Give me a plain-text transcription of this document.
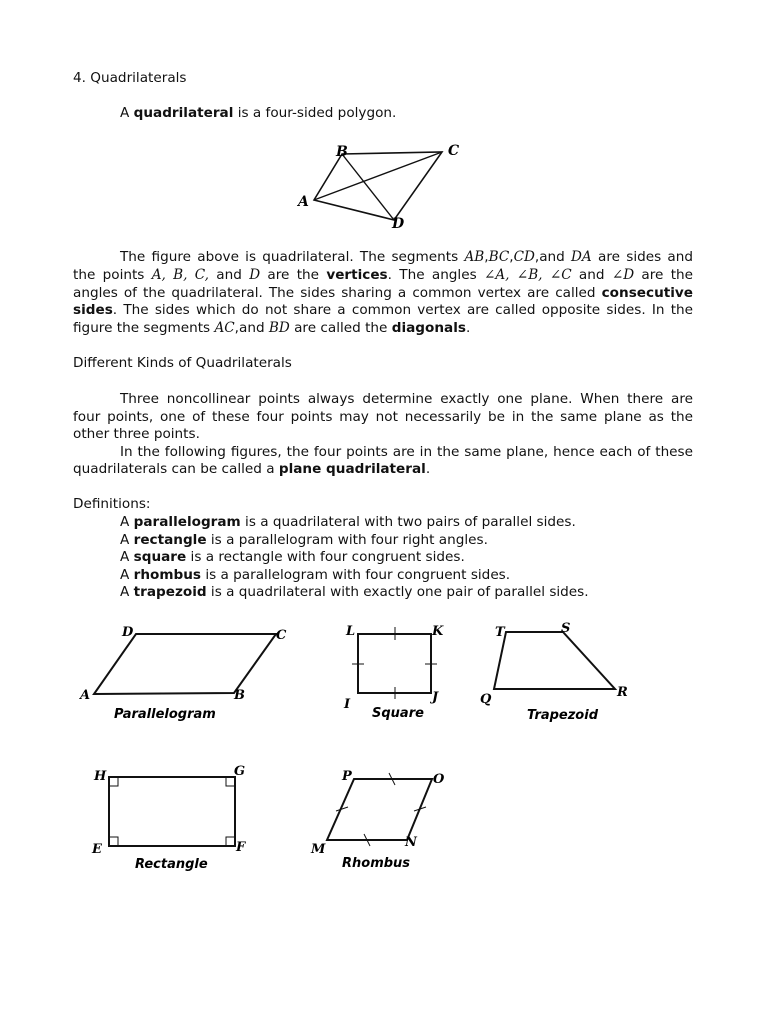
4. Quadrilaterals
A quadrilateral is a four-sided polygon.
B	C
A
D
The figure above is quadrilateral. The segments AB,BC,CD,and DA are sides and
the points A, B, C, and D are the vertices. The angles ∠A, ∠B, ∠C and ∠D are the
angles of the quadrilateral. The sides sharing a common vertex are called consecutive
sides. The sides which do not share a common vertex are called opposite sides. In the
figure the segments AC,and BD are called the diagonals.
Different Kinds of Quadrilaterals
Three noncollinear points always determine exactly one plane. When there are
four points, one of these four points may not necessarily be in the same plane as the
other three points.
In the following figures, the four points are in the same plane, hence each of these
quadrilaterals can be called a plane quadrilateral.
Definitions:
A parallelogram is a quadrilateral with two pairs of parallel sides.
A rectangle is a parallelogram with four right angles.
A square is a rectangle with four congruent sides.
A rhombus is a parallelogram with four congruent sides.
A trapezoid is a quadrilateral with exactly one pair of parallel sides.
A	B
C
D
Parallelogram
L	K
I	J
Square
T	S
Q	R
Trapezoid
H	G
E	F
Rectangle
P	O
M	N
Rhombus
